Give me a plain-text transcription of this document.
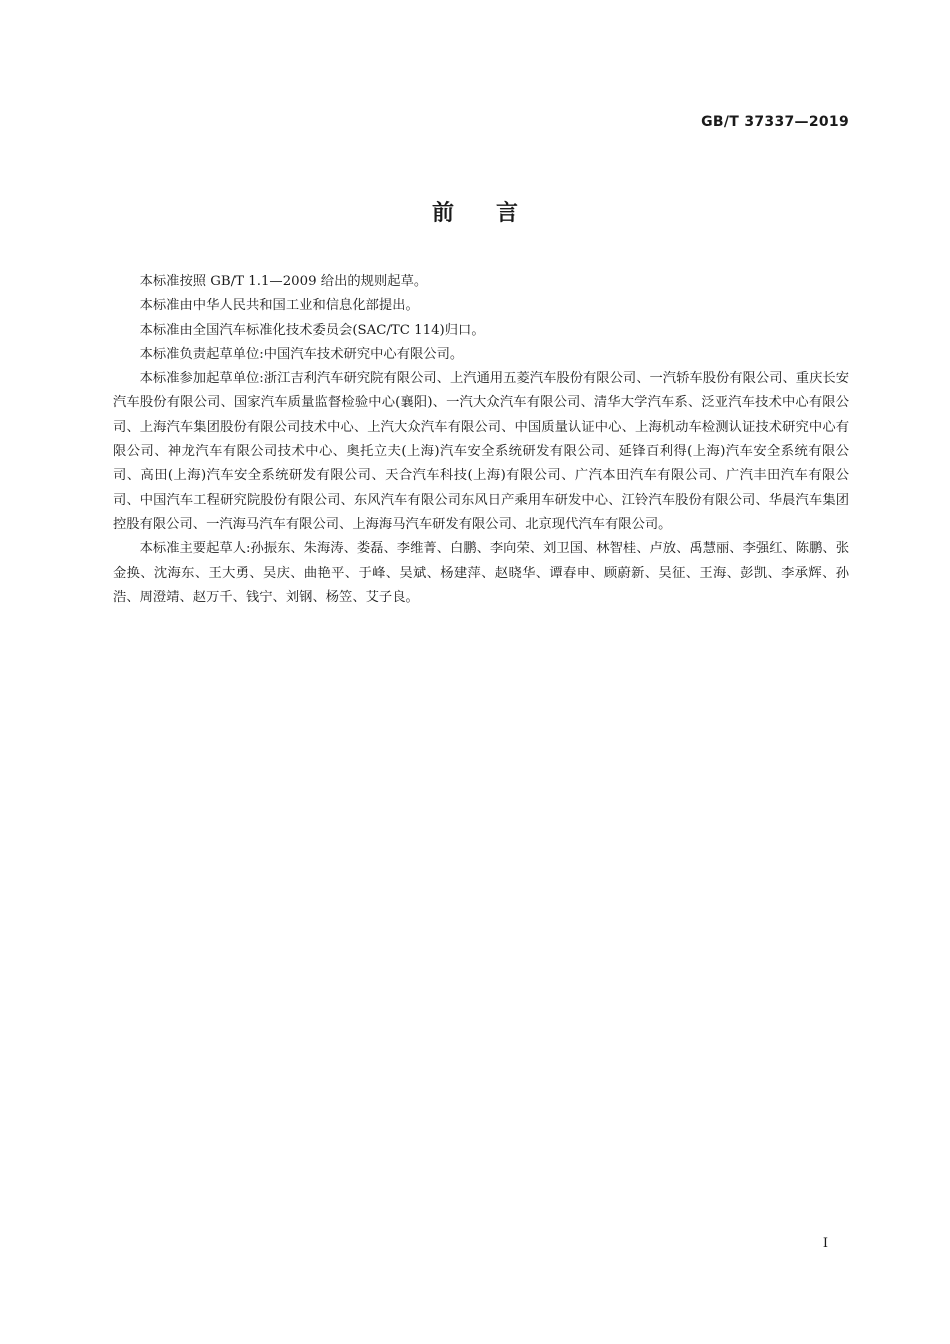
GB/T 37337—2019
前言

本标准按照 GB/T 1.1—2009 给出的规则起草。

本标准由中华人民共和国工业和信息化部提出。

本标准由全国汽车标准化技术委员会(SAC/TC 114)归口。

本标准负责起草单位:中国汽车技术研究中心有限公司。

本标准参加起草单位:浙江吉利汽车研究院有限公司、上汽通用五菱汽车股份有限公司、一汽轿车股份有限公司、重庆长安汽车股份有限公司、国家汽车质量监督检验中心(襄阳)、一汽大众汽车有限公司、清华大学汽车系、泛亚汽车技术中心有限公司、上海汽车集团股份有限公司技术中心、上汽大众汽车有限公司、中国质量认证中心、上海机动车检测认证技术研究中心有限公司、神龙汽车有限公司技术中心、奥托立夫(上海)汽车安全系统研发有限公司、延锋百利得(上海)汽车安全系统有限公司、高田(上海)汽车安全系统研发有限公司、天合汽车科技(上海)有限公司、广汽本田汽车有限公司、广汽丰田汽车有限公司、中国汽车工程研究院股份有限公司、东风汽车有限公司东风日产乘用车研发中心、江铃汽车股份有限公司、华晨汽车集团控股有限公司、一汽海马汽车有限公司、上海海马汽车研发有限公司、北京现代汽车有限公司。

本标准主要起草人:孙振东、朱海涛、娄磊、李维菁、白鹏、李向荣、刘卫国、林智桂、卢放、禹慧丽、李强红、陈鹏、张金换、沈海东、王大勇、吴庆、曲艳平、于峰、吴斌、杨建萍、赵晓华、谭春申、顾蔚新、吴征、王海、彭凯、李承辉、孙浩、周澄靖、赵万千、钱宁、刘钢、杨笠、艾子良。

I
